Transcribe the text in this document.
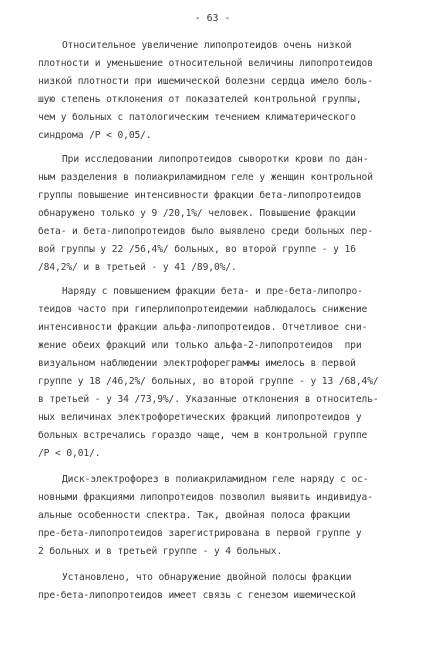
- 63 -
Относительное увеличение липопротеидов очень низкой
плотности и уменьшение относительной величины липопротеидов
низкой плотности при ишемической болезни сердца имело боль-
шую степень отклонения от показателей контрольной группы,
чем у больных с патологическим течением климатерического
синдрома /Р < 0,05/.
При исследовании липопротеидов сыворотки крови по дан-
ным разделения в полиакриламидном геле у женщин контрольной
группы повышение интенсивности фракции бета-липопротеидов
обнаружено только у 9 /20,1%/ человек. Повышение фракции
бета- и бета-липопротеидов было выявлено среди больных пер-
вой группы у 22 /56,4%/ больных, во второй группе - у 16
/84,2%/ и в третьей - у 41 /89,0%/.
Наряду с повышением фракции бета- и пре-бета-липопро-
теидов часто при гиперлипопротеидемии наблюдалось снижение
интенсивности фракции альфа-липопротеидов. Отчетливое сни-
жение обеих фракций или только альфа-2-липопротеидов  при
визуальном наблюдении электрофореграммы имелось в первой
группе у 18 /46,2%/ больных, во второй группе - у 13 /68,4%/
в третьей - у 34 /73,9%/. Указанные отклонения в относитель-
ных величинах электрофоретических фракций липопротеидов у
больных встречались гораздо чаще, чем в контрольной группе
/Р < 0,01/.
Диск-электрофорез в полиакриламидном геле наряду с ос-
новными фракциями липопротеидов позволил выявить индивидуа-
альные особенности спектра. Так, двойная полоса фракции
пре-бета-липопротеидов зарегистрирована в первой группе у
2 больных и в третьей группе - у 4 больных.
Установлено, что обнаружение двойной полосы фракции
пре-бета-липопротеидов имеет связь с генезом ишемической
